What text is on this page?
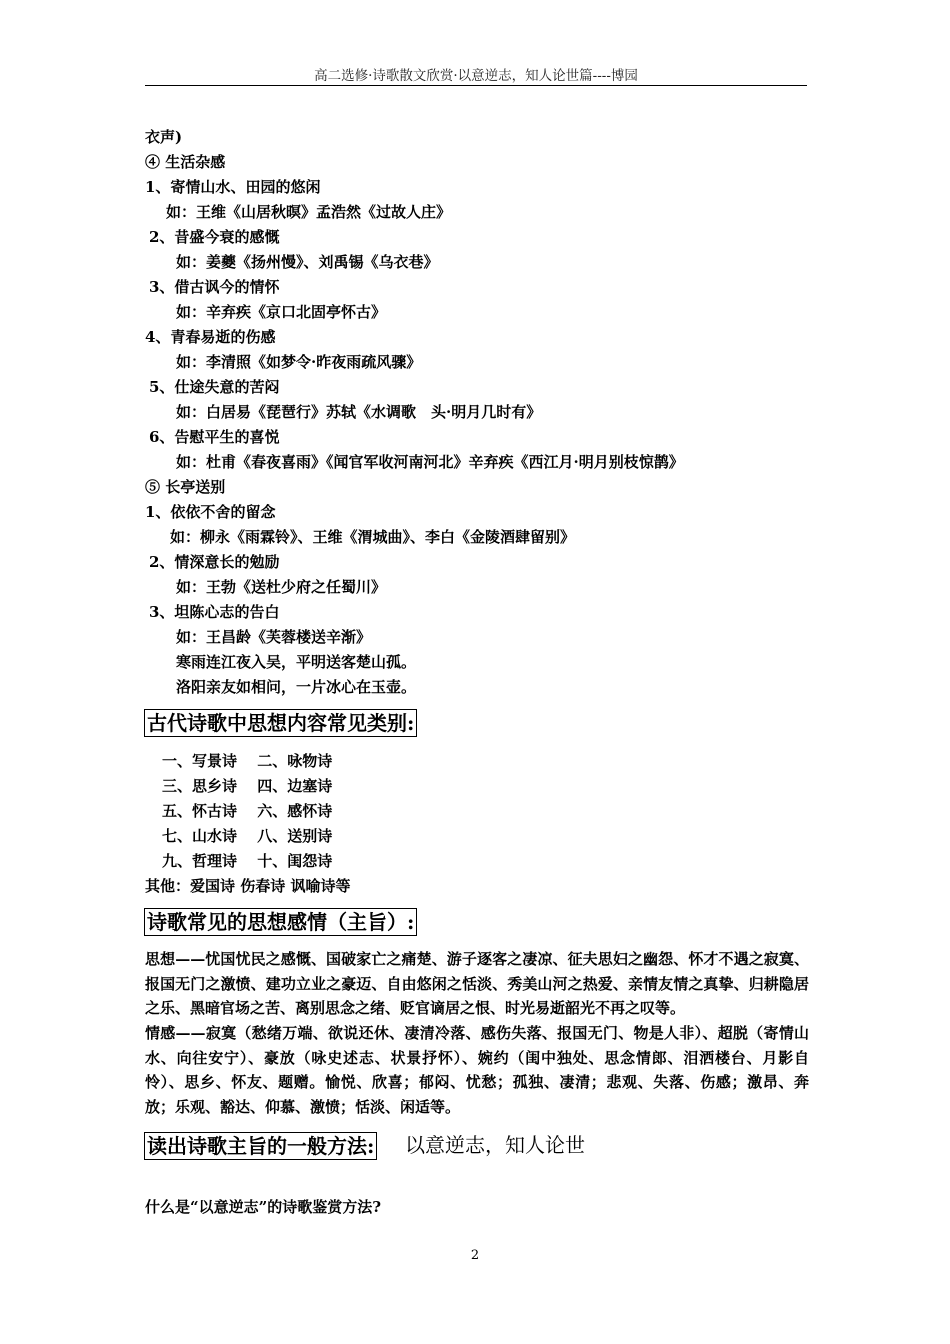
高二选修·诗歌散文欣赏·以意逆志，知人论世篇----博园
衣声)
④ 生活杂感
1、寄情山水、田园的悠闲
如：王维《山居秋暝》孟浩然《过故人庄》
2、昔盛今衰的感慨
如：姜夔《扬州慢》、刘禹锡《乌衣巷》
3、借古讽今的情怀
如：辛弃疾《京口北固亭怀古》
4、青春易逝的伤感
如：李清照《如梦令·昨夜雨疏风骤》
5、仕途失意的苦闷
如：白居易《琵琶行》苏轼《水调歌　头·明月几时有》
6、告慰平生的喜悦
如：杜甫《春夜喜雨》《闻官军收河南河北》辛弃疾《西江月·明月别枝惊鹊》
⑤ 长亭送别
1、依依不舍的留念
如：柳永《雨霖铃》、王维《渭城曲》、李白《金陵酒肆留别》
2、情深意长的勉励
如：王勃《送杜少府之任蜀川》
3、坦陈心志的告白
如：王昌龄《芙蓉楼送辛渐》
寒雨连江夜入吴，平明送客楚山孤。
洛阳亲友如相问，一片冰心在玉壶。
古代诗歌中思想内容常见类别:
一、写景诗　 二、咏物诗
三、思乡诗　 四、边塞诗
五、怀古诗　 六、感怀诗
七、山水诗　 八、送别诗
九、哲理诗　 十、闺怨诗
其他：爱国诗 伤春诗 讽喻诗等
诗歌常见的思想感情（主旨）:
思想——忧国忧民之感慨、国破家亡之痛楚、游子逐客之凄凉、征夫思妇之幽怨、怀才不遇之寂寞、报国无门之激愤、建功立业之豪迈、自由悠闲之恬淡、秀美山河之热爱、亲情友情之真挚、归耕隐居之乐、黑暗官场之苦、离别思念之绪、贬官谪居之恨、时光易逝韶光不再之叹等。
情感——寂寞（愁绪万端、欲说还休、凄清冷落、感伤失落、报国无门、物是人非）、超脱（寄情山水、向往安宁）、豪放（咏史述志、状景抒怀）、婉约（闺中独处、思念情郎、泪洒楼台、月影自怜）、思乡、怀友、题赠。愉悦、欣喜；郁闷、忧愁；孤独、凄清；悲观、失落、伤感；激昂、奔放；乐观、豁达、仰慕、激愤；恬淡、闲适等。
读出诗歌主旨的一般方法: 以意逆志，知人论世
什么是“以意逆志”的诗歌鉴赏方法?
2
